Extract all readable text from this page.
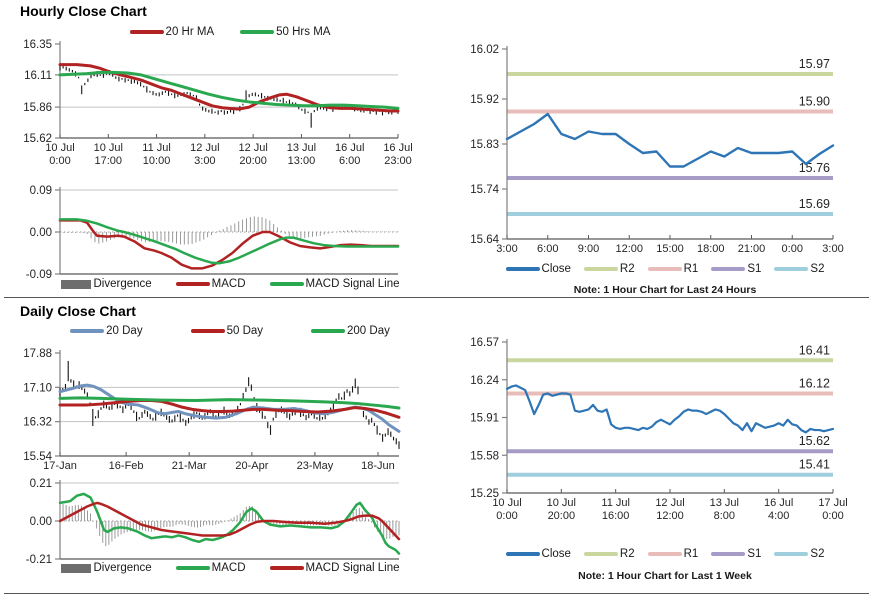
Hourly Close Chart
20 Hr MA	50 Hrs MA
16.35
16.11
15.86
15.62
10 Jul 0:00
10 Jul 17:00
11 Jul 10:00
12 Jul 3:00
12 Jul 20:00
13 Jul 13:00
16 Jul 6:00
16 Jul 23:00
0.09
0.00
-0.09
Divergence	MACD	MACD Signal Line
15.97
15.90
15.76
15.69
16.02
15.92
15.83
15.74
15.64
3:00 6:00 9:00 12:00 15:00 18:00 21:00 0:00 3:00
Close	R2	R1	S1	S2
Note: 1 Hour Chart for Last 24 Hours
Daily Close Chart
20 Day	50 Day	200 Day
17.88
17.10
16.32
15.54
17-Jan	16-Feb	21-Mar	20-Apr	23-May	18-Jun
0.21
0.00
-0.21
Divergence	MACD	MACD Signal Line
16.41
16.12
15.62
15.41
16.57
16.24
15.91
15.58
15.25
10 Jul 0:00
10 Jul 20:00
11 Jul 16:00
12 Jul 12:00
13 Jul 8:00
16 Jul 4:00
17 Jul 0:00
Close	R2	R1	S1	S2
Note: 1 Hour Chart for Last 1 Week
